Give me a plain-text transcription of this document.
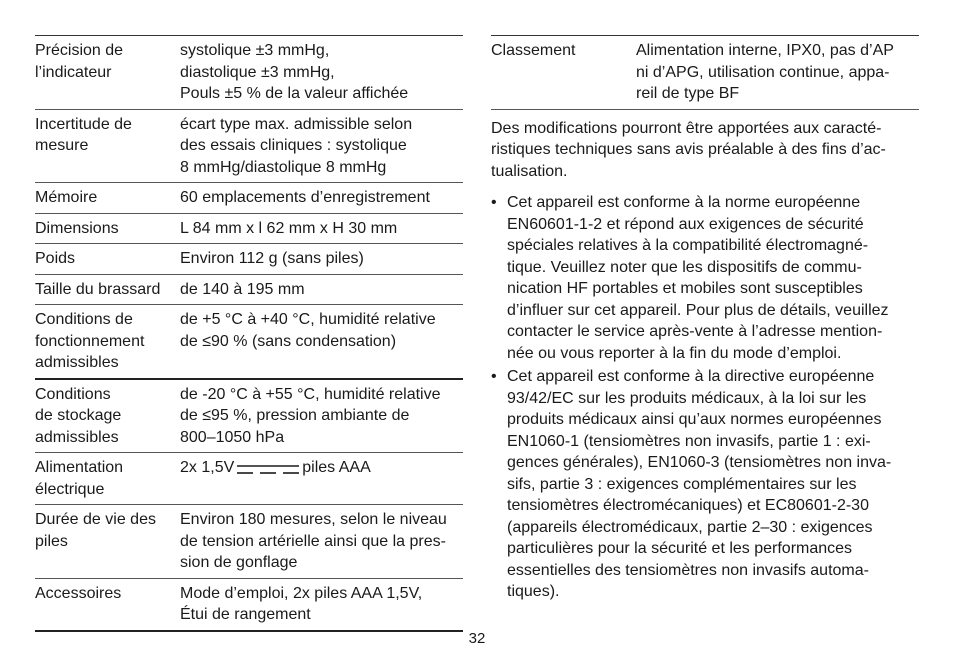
Précision de
l’indicateur	systolique ±3 mmHg,
diastolique ±3 mmHg,
Pouls ±5 % de la valeur affichée

Incertitude de
mesure	écart type max. admissible selon
des essais cliniques : systolique
8 mmHg/diastolique 8 mmHg

Mémoire	60 emplacements d’enregistrement

Dimensions	L 84 mm x l 62 mm x H 30 mm

Poids	Environ 112 g (sans piles)

Taille du brassard	de 140 à 195 mm

Conditions de
fonctionnement
admissibles	de +5 °C à +40 °C, humidité relative
de ≤90 % (sans condensation)

Conditions
de stockage
admissibles	de -20 °C à +55 °C, humidité relative
de ≤95 %, pression ambiante de
800–1050 hPa

Alimentation
électrique	2x 1,5V piles AAA

Durée de vie des
piles	Environ 180 mesures, selon le niveau
de tension artérielle ainsi que la pres-
sion de gonflage

Accessoires	Mode d’emploi, 2x piles AAA 1,5V,
Étui de rangement
Classement	Alimentation interne, IPX0, pas d’AP
ni d’APG, utilisation continue, appa-
reil de type BF
Des modifications pourront être apportées aux caracté-
ristiques techniques sans avis préalable à des fins d’ac-
tualisation.
• Cet appareil est conforme à la norme européenne
EN60601-1-2 et répond aux exigences de sécurité
spéciales relatives à la compatibilité électromagné-
tique. Veuillez noter que les dispositifs de commu-
nication HF portables et mobiles sont susceptibles
d’influer sur cet appareil. Pour plus de détails, veuillez
contacter le service après-vente à l’adresse mention-
née ou vous reporter à la fin du mode d’emploi.
• Cet appareil est conforme à la directive européenne
93/42/EC sur les produits médicaux, à la loi sur les
produits médicaux ainsi qu’aux normes européennes
EN1060-1 (tensiomètres non invasifs, partie 1 : exi-
gences générales), EN1060-3 (tensiomètres non inva-
sifs, partie 3 : exigences complémentaires sur les
tensiomètres électromécaniques) et EC80601-2-30
(appareils électromédicaux, partie 2–30 : exigences
particulières pour la sécurité et les performances
essentielles des tensiomètres non invasifs automa-
tiques).
32
